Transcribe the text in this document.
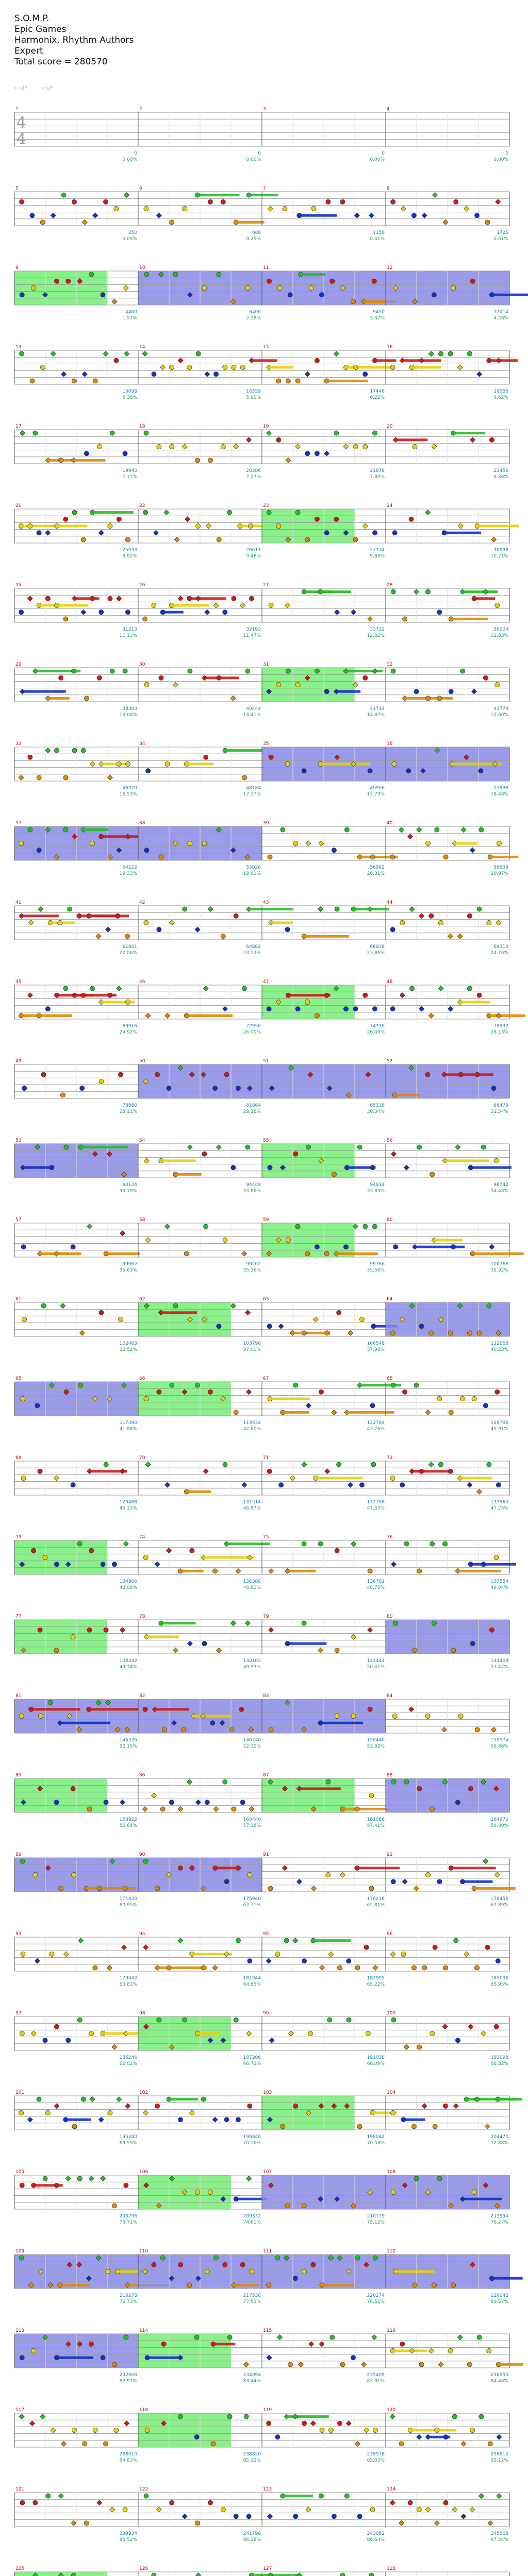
S.O.M.P.
Epic Games
Harmonix, Rhythm Authors
Expert
Total score = 280570
← UP	→ UP
1
4
4
0
0.00%
2
0
0.00%
3
0
0.00%
4
0
0.00%
5
250
0.09%
6
688
0.25%
7
1150
0.41%
8
1725
0.61%
9
4400
1.57%
10
6400
2.28%
11
9450
3.37%
12
12014
4.28%
13
15098
5.38%
14
16559
5.90%
15
17448
6.22%
16
18586
6.62%
17
19940
7.11%
18
20386
7.27%
19
21878
7.80%
20
23456
8.36%
21
25033
8.92%
22
26611
9.48%
23
27714
9.88%
24
30038
10.71%
25
31213
11.13%
26
32193
11.47%
27
33722
12.02%
28
36004
12.83%
29
38383
13.68%
30
40444
14.41%
31
41714
14.87%
32
43774
15.60%
33
46370
16.53%
34
48184
17.17%
35
49906
17.79%
36
51838
18.48%
37
54222
19.33%
38
55026
19.61%
39
56982
20.31%
40
58839
20.97%
41
61881
22.06%
42
64882
23.13%
43
66939
23.86%
44
69314
24.70%
45
69916
24.92%
46
72956
26.00%
47
74316
26.49%
48
78932
28.13%
49
78880
28.11%
50
81864
29.18%
51
85118
30.34%
52
88479
31.54%
53
93134
33.19%
54
94449
33.66%
55
94914
33.83%
56
96742
34.48%
57
99962
35.63%
58
99202
35.36%
59
99766
35.56%
60
100768
35.92%
61
102463
36.52%
62
103798
37.00%
63
106548
37.98%
64
112868
40.23%
65
117490
41.88%
66
119534
42.60%
67
122784
43.76%
68
128796
45.91%
69
129488
46.15%
70
131514
46.87%
71
132798
47.33%
72
133960
47.75%
73
134906
48.08%
74
136388
48.61%
75
136781
48.75%
76
137584
49.04%
77
138442
49.34%
78
140103
49.93%
79
141444
50.41%
80
144408
51.47%
81
146326
52.15%
82
146740
52.30%
83
150440
53.62%
84
159574
56.88%
85
158922
56.64%
86
160440
57.18%
87
161086
57.41%
88
164970
58.80%
89
171020
60.95%
90
175940
62.71%
91
176236
62.81%
92
176456
62.89%
93
179042
63.81%
94
181944
64.85%
95
182995
65.22%
96
185036
65.95%
97
185246
66.02%
98
187206
66.72%
99
191038
68.09%
100
193098
68.82%
101
195240
69.59%
102
196840
70.16%
103
198042
70.58%
104
204470
72.88%
105
206796
73.71%
106
209332
74.61%
107
210779
75.12%
108
213994
76.27%
109
215278
76.73%
110
217538
77.53%
111
220274
78.51%
112
226042
80.57%
113
232608
82.91%
114
234094
83.44%
115
235409
83.91%
116
236955
84.46%
117
238010
84.83%
118
238820
85.12%
119
238578
85.03%
120
238812
85.12%
121
239934
85.52%
122
241798
86.18%
123
243082
86.64%
124
245608
87.54%
125	126	127	128
